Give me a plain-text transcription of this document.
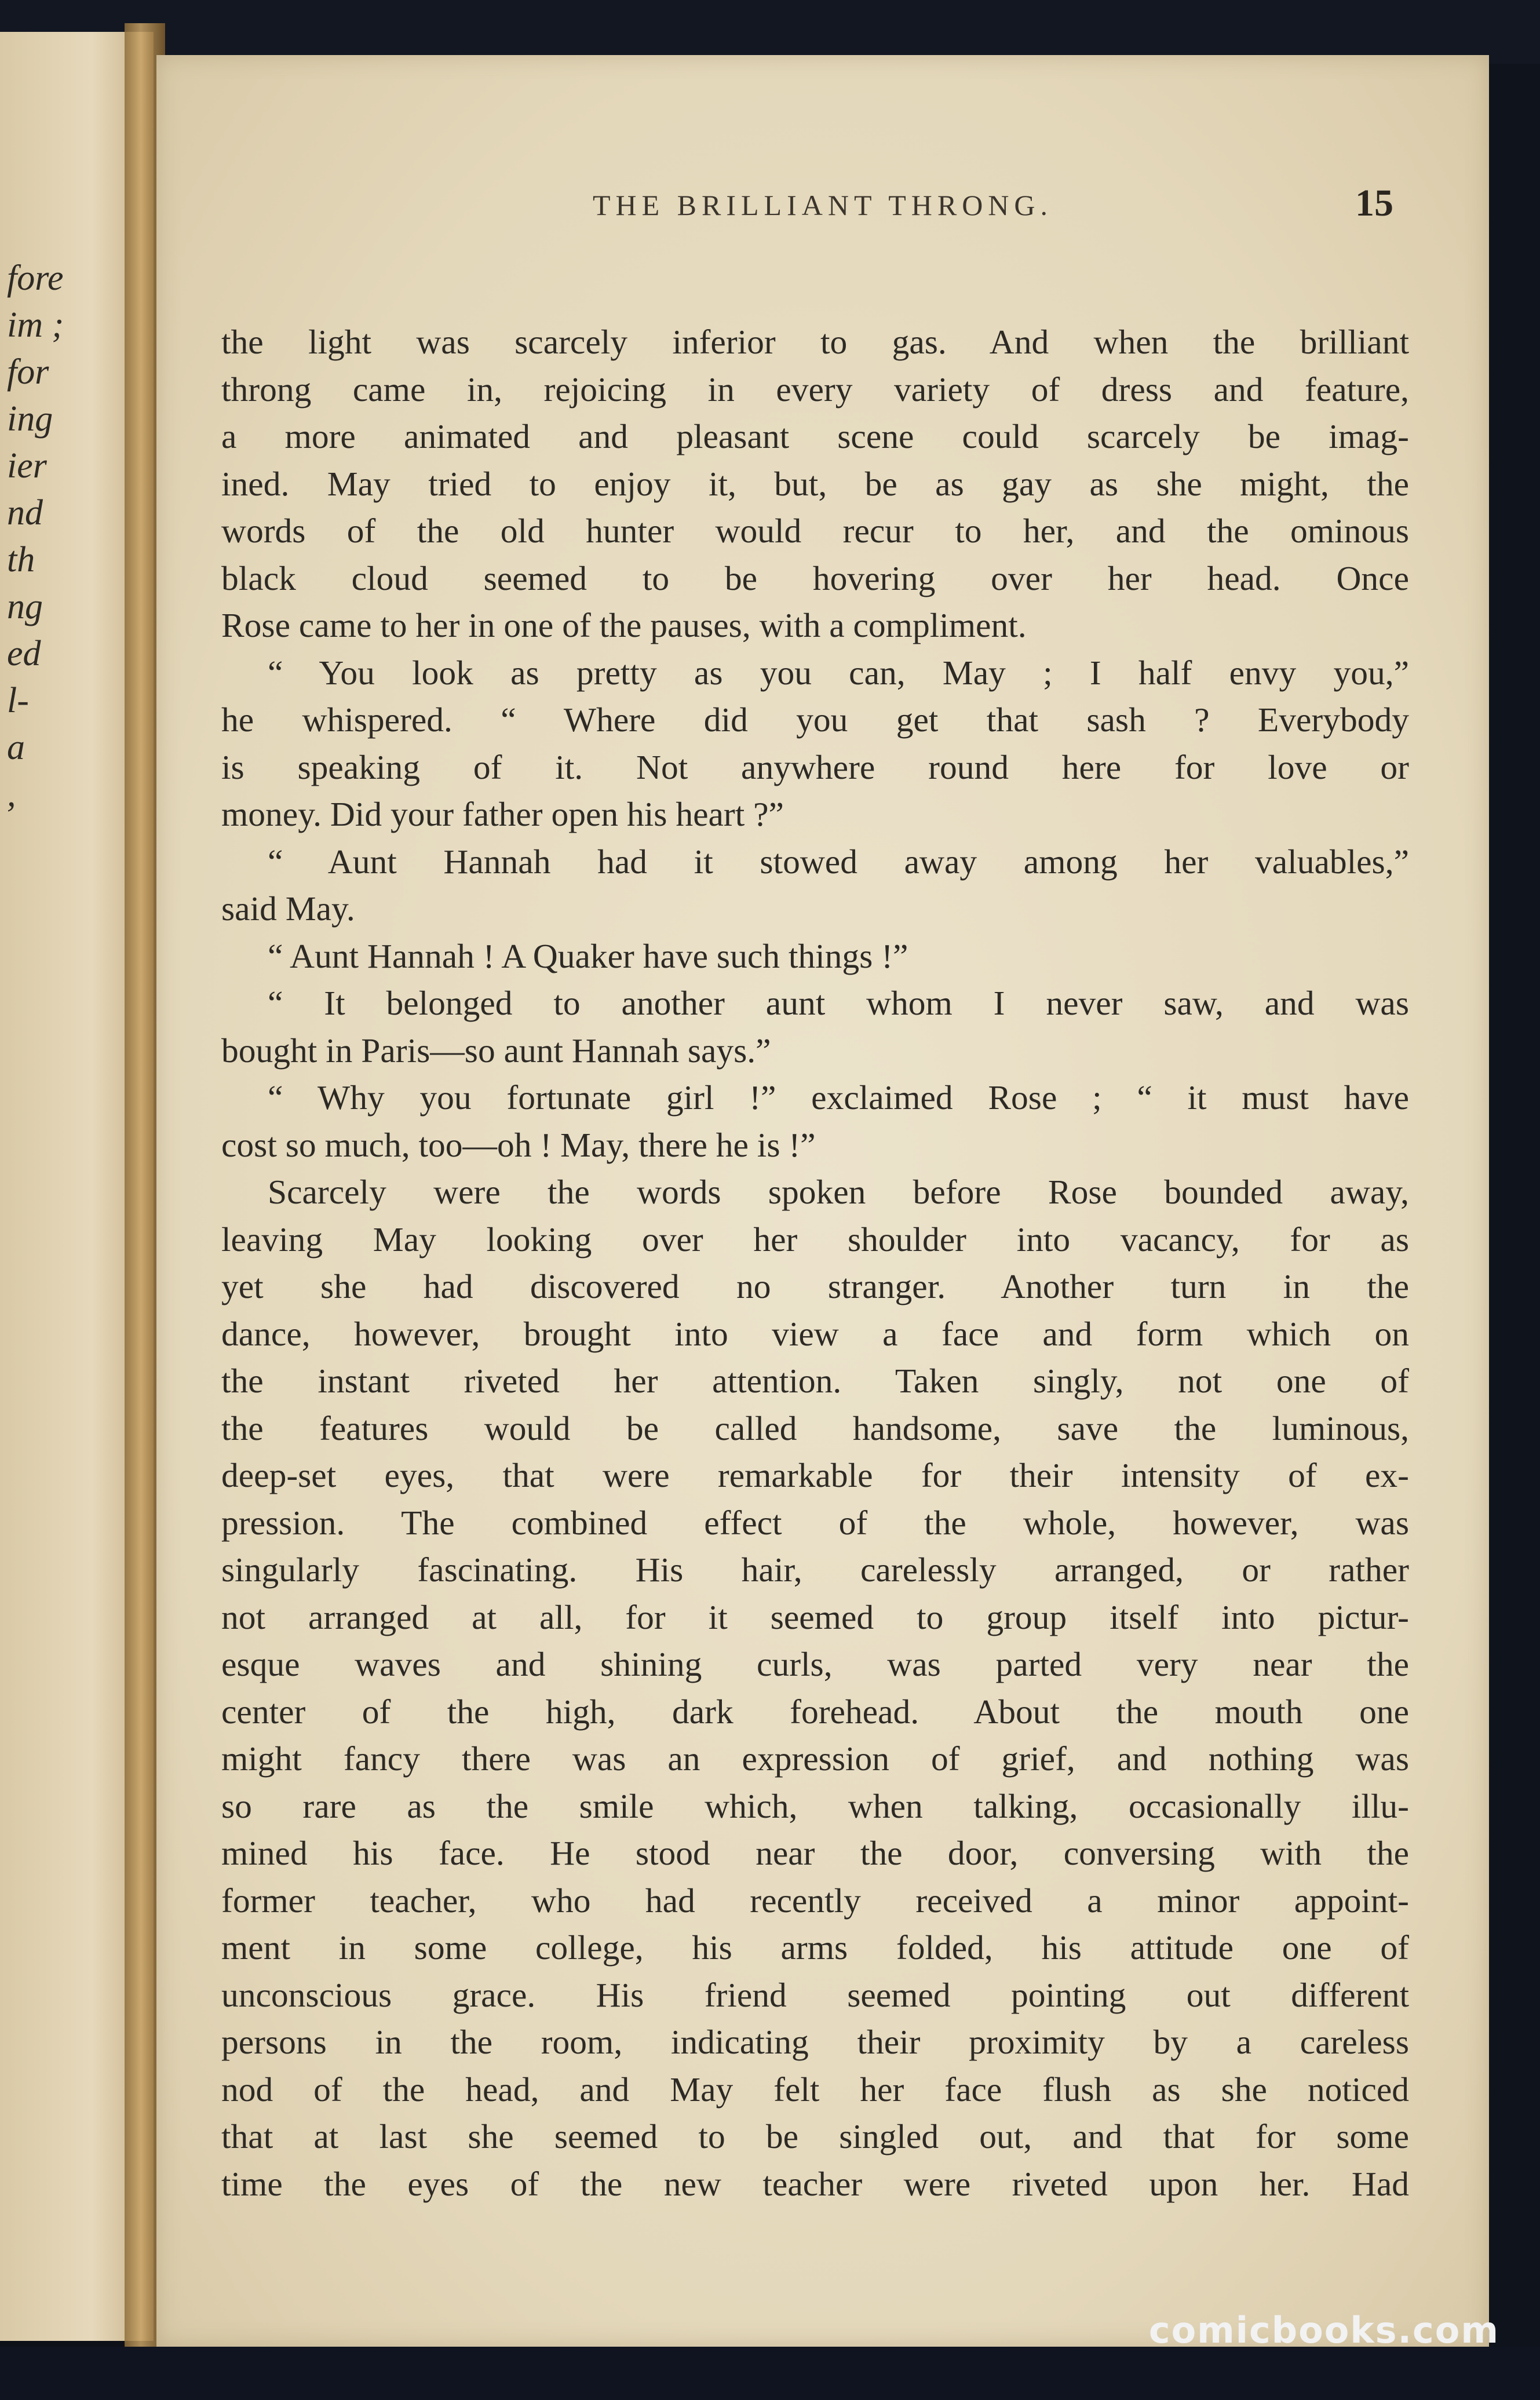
fore
im ;
for
ing
ier
nd
th
ng
ed
l-
a
,
THE BRILLIANT THRONG.	15
the light was scarcely inferior to gas. And when the brilliant
throng came in, rejoicing in every variety of dress and feature,
a more animated and pleasant scene could scarcely be imag-
ined. May tried to enjoy it, but, be as gay as she might, the
words of the old hunter would recur to her, and the ominous
black cloud seemed to be hovering over her head. Once
Rose came to her in one of the pauses, with a compliment.
“ You look as pretty as you can, May ; I half envy you,”
he whispered. “ Where did you get that sash ? Everybody
is speaking of it. Not anywhere round here for love or
money. Did your father open his heart ?”
“ Aunt Hannah had it stowed away among her valuables,”
said May.
“ Aunt Hannah ! A Quaker have such things !”
“ It belonged to another aunt whom I never saw, and was
bought in Paris—so aunt Hannah says.”
“ Why you fortunate girl !” exclaimed Rose ; “ it must have
cost so much, too—oh ! May, there he is !”
Scarcely were the words spoken before Rose bounded away,
leaving May looking over her shoulder into vacancy, for as
yet she had discovered no stranger. Another turn in the
dance, however, brought into view a face and form which on
the instant riveted her attention. Taken singly, not one of
the features would be called handsome, save the luminous,
deep-set eyes, that were remarkable for their intensity of ex-
pression. The combined effect of the whole, however, was
singularly fascinating. His hair, carelessly arranged, or rather
not arranged at all, for it seemed to group itself into pictur-
esque waves and shining curls, was parted very near the
center of the high, dark forehead. About the mouth one
might fancy there was an expression of grief, and nothing was
so rare as the smile which, when talking, occasionally illu-
mined his face. He stood near the door, conversing with the
former teacher, who had recently received a minor appoint-
ment in some college, his arms folded, his attitude one of
unconscious grace. His friend seemed pointing out different
persons in the room, indicating their proximity by a careless
nod of the head, and May felt her face flush as she noticed
that at last she seemed to be singled out, and that for some
time the eyes of the new teacher were riveted upon her. Had
comicbooks.com
